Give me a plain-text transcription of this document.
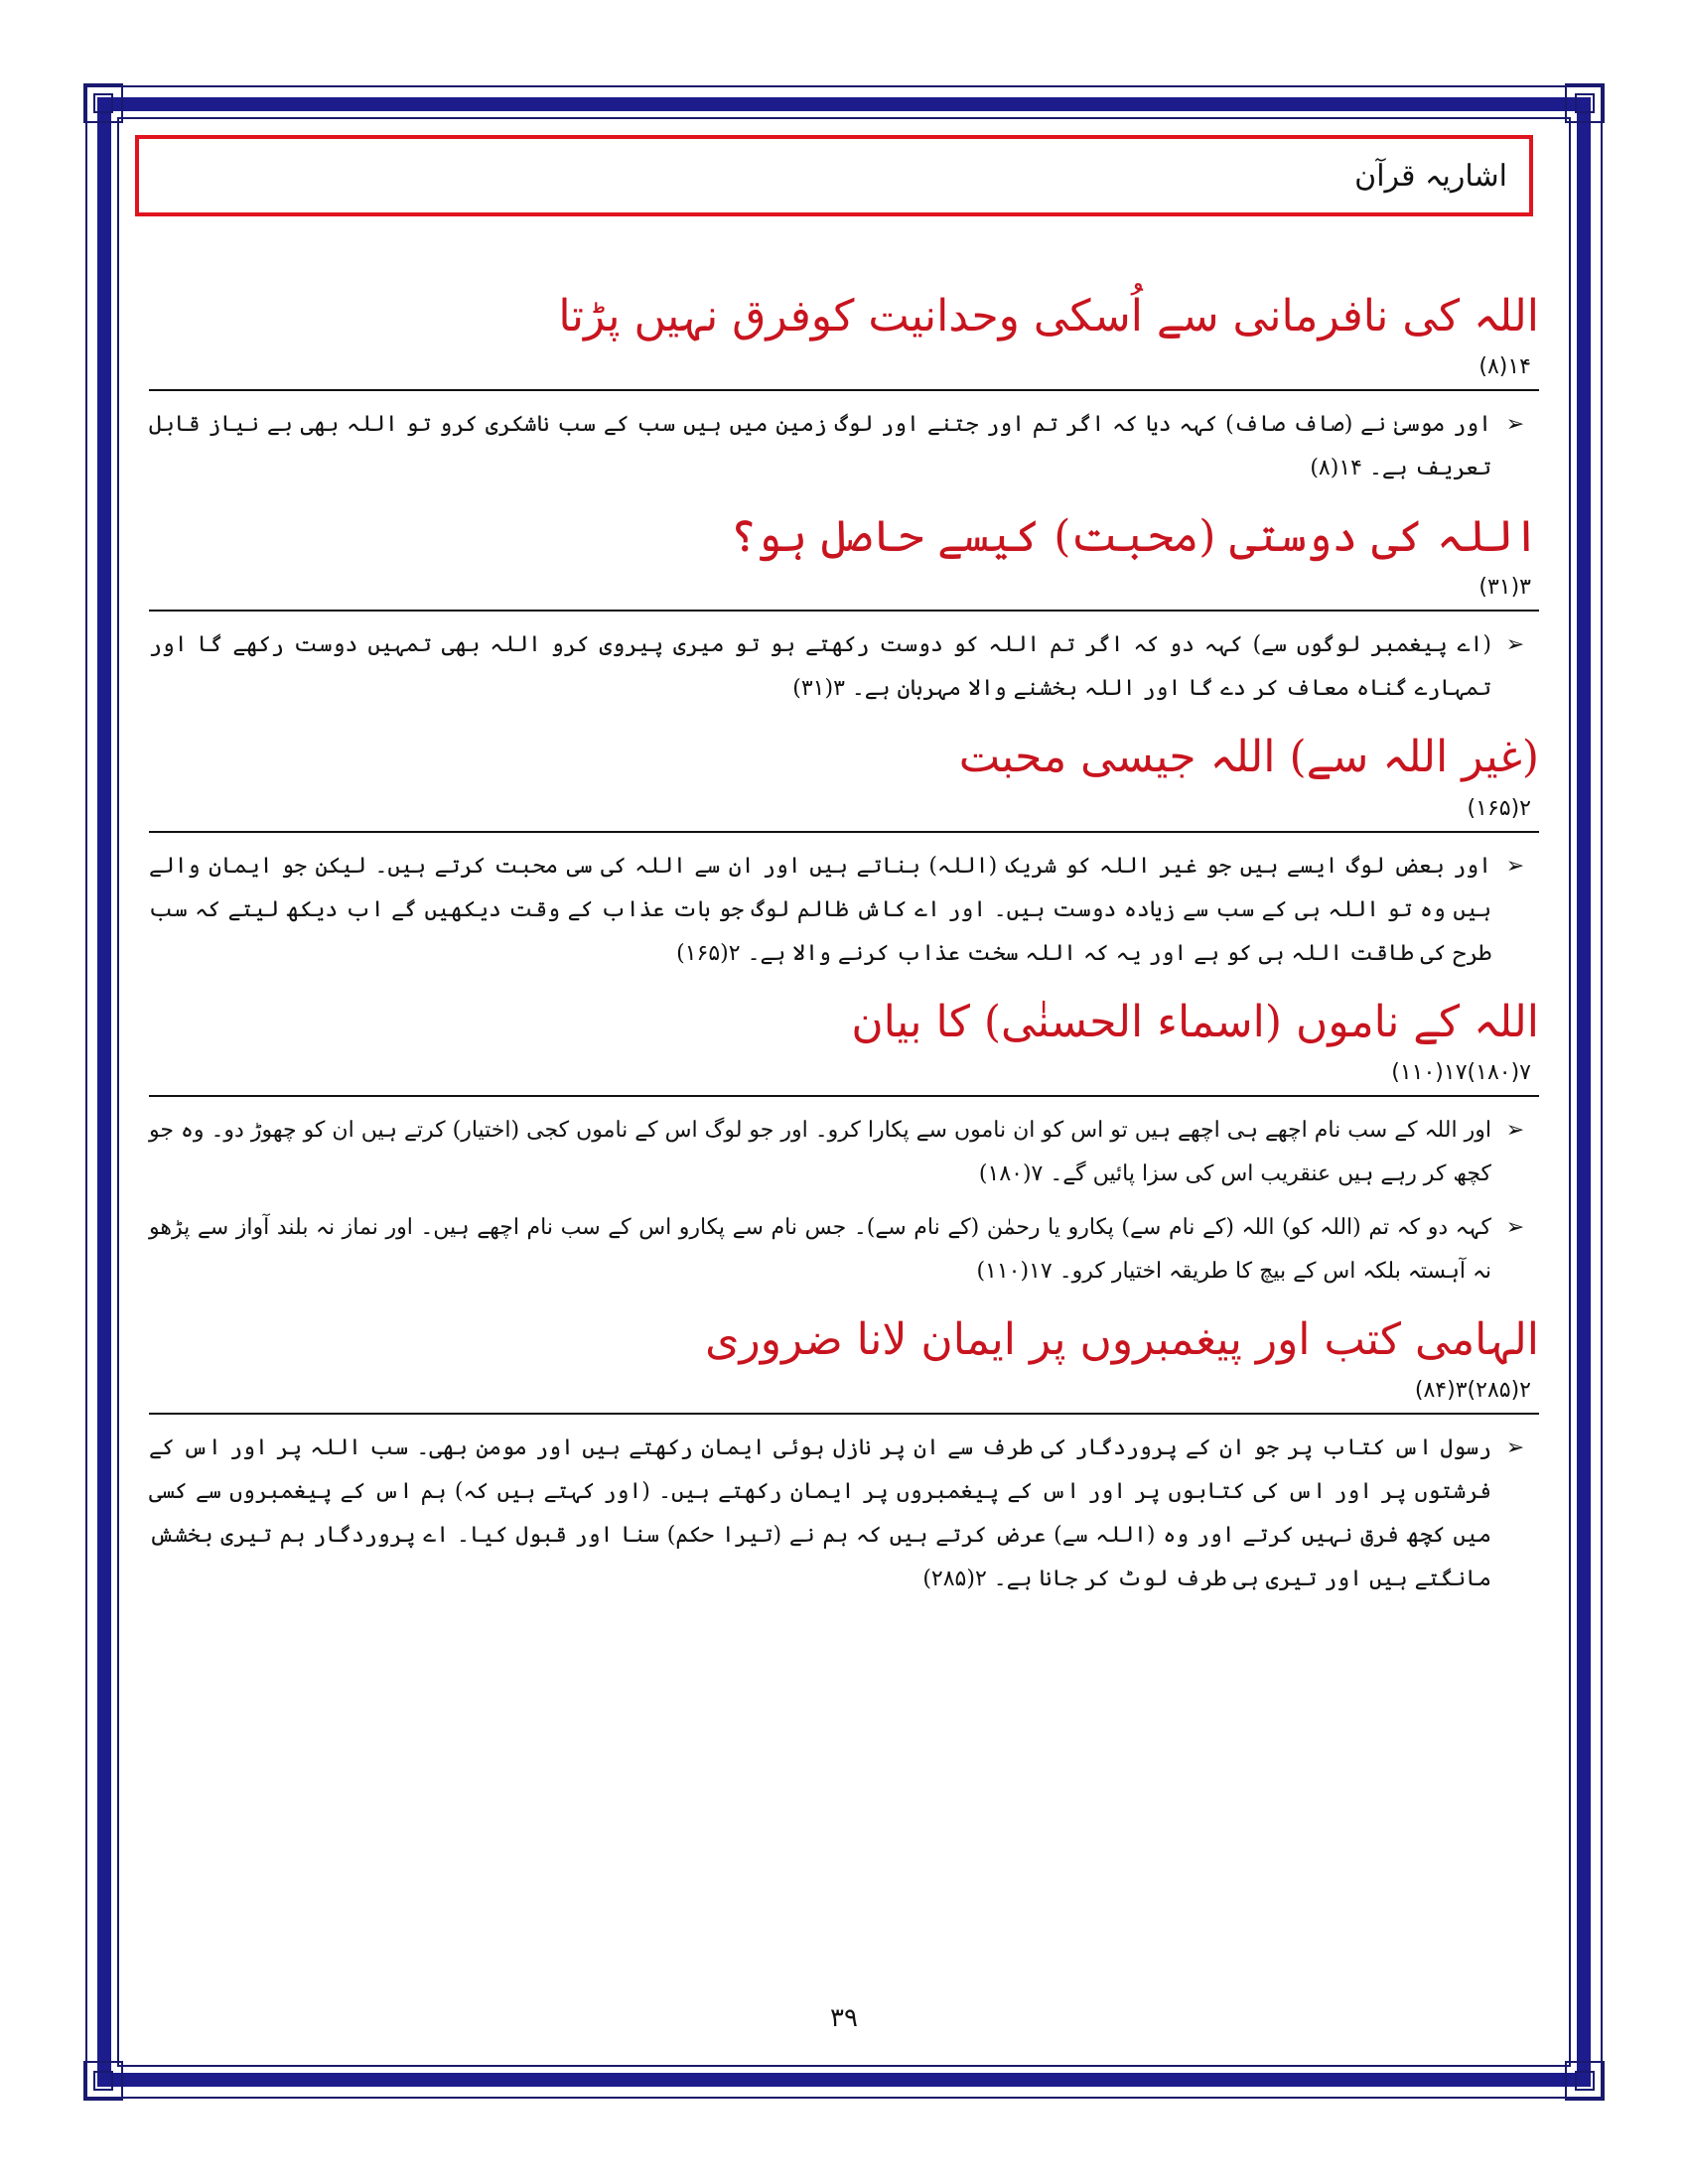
اشاریہ قرآن
اللہ کی نافرمانی سے اُسکی وحدانیت کوفرق نہیں پڑتا
۱۴(۸)
➢
اور موسیٰ نے (صاف صاف) کہہ دیا کہ اگر تم اور جتنے اور لوگ زمین میں ہیں سب کے سب ناشکری کرو تو اللہ بھی بے نیاز قابل تعریف ہے۔ ۱۴(۸)
اللہ کی دوستی (محبت) کیسے حاصل ہو؟
۳(۳۱)
➢
(اے پیغمبر لوگوں سے) کہہ دو کہ اگر تم اللہ کو دوست رکھتے ہو تو میری پیروی کرو اللہ بھی تمہیں دوست رکھے گا اور تمہارے گناہ معاف کر دے گا اور اللہ بخشنے والا مہربان ہے۔ ۳(۳۱)
(غیر اللہ سے) اللہ جیسی محبت
۲(۱۶۵)
➢
اور بعض لوگ ایسے ہیں جو غیر اللہ کو شریک (اللہ) بناتے ہیں اور ان سے اللہ کی سی محبت کرتے ہیں۔ لیکن جو ایمان والے ہیں وہ تو اللہ ہی کے سب سے زیادہ دوست ہیں۔ اور اے کاش ظالم لوگ جو بات عذاب کے وقت دیکھیں گے اب دیکھ لیتے کہ سب طرح کی طاقت اللہ ہی کو ہے اور یہ کہ اللہ سخت عذاب کرنے والا ہے۔ ۲(۱۶۵)
اللہ کے ناموں (اسماء الحسنٰی) کا بیان
۷(۱۸۰)۱۷(۱۱۰)
➢
اور اللہ کے سب نام اچھے ہی اچھے ہیں تو اس کو ان ناموں سے پکارا کرو۔ اور جو لوگ اس کے ناموں کجی (اختیار) کرتے ہیں ان کو چھوڑ دو۔ وہ جو کچھ کر رہے ہیں عنقریب اس کی سزا پائیں گے۔ ۷(۱۸۰)
➢
کہہ دو کہ تم (اللہ کو) اللہ (کے نام سے) پکارو یا رحمٰن (کے نام سے)۔ جس نام سے پکارو اس کے سب نام اچھے ہیں۔ اور نماز نہ بلند آواز سے پڑھو نہ آہستہ بلکہ اس کے بیچ کا طریقہ اختیار کرو۔ ۱۷(۱۱۰)
الہامی کتب اور پیغمبروں پر ایمان لانا ضروری
۲(۲۸۵)۳(۸۴)
➢
رسول اس کتاب پر جو ان کے پروردگار کی طرف سے ان پر نازل ہوئی ایمان رکھتے ہیں اور مومن بھی۔ سب اللہ پر اور اس کے فرشتوں پر اور اس کی کتابوں پر اور اس کے پیغمبروں پر ایمان رکھتے ہیں۔ (اور کہتے ہیں کہ) ہم اس کے پیغمبروں سے کسی میں کچھ فرق نہیں کرتے اور وہ (اللہ سے) عرض کرتے ہیں کہ ہم نے (تیرا حکم) سنا اور قبول کیا۔ اے پروردگار ہم تیری بخشش مانگتے ہیں اور تیری ہی طرف لوٹ کر جانا ہے۔ ۲(۲۸۵)
۳۹
